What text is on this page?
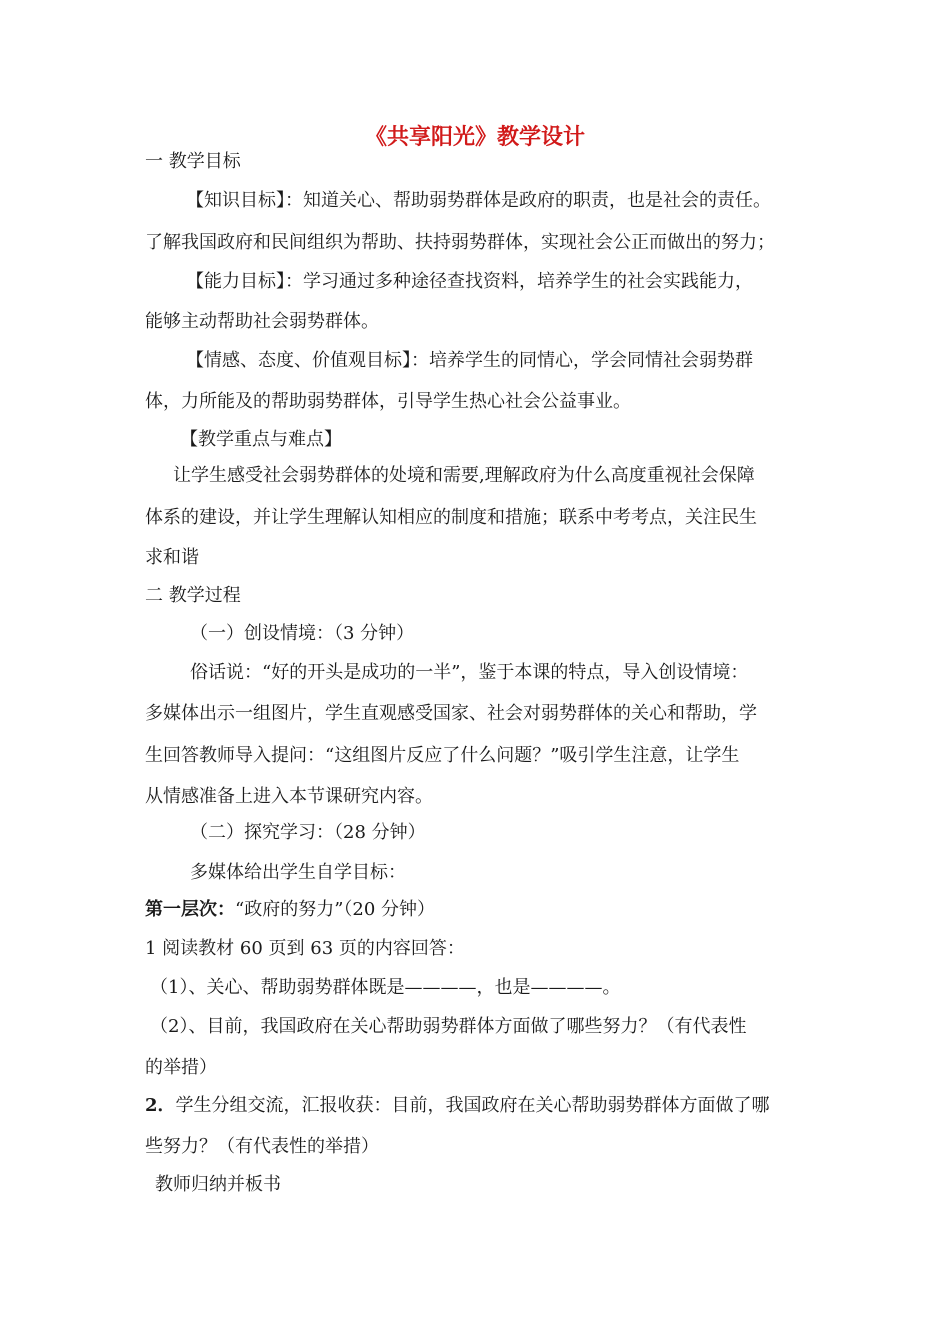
《共享阳光》教学设计
一 教学目标
【知识目标】：知道关心、帮助弱势群体是政府的职责，也是社会的责任。
了解我国政府和民间组织为帮助、扶持弱势群体，实现社会公正而做出的努力；
【能力目标】：学习通过多种途径查找资料，培养学生的社会实践能力，
能够主动帮助社会弱势群体。
【情感、态度、价值观目标】：培养学生的同情心，学会同情社会弱势群
体，力所能及的帮助弱势群体，引导学生热心社会公益事业。
【教学重点与难点】
让学生感受社会弱势群体的处境和需要,理解政府为什么高度重视社会保障
体系的建设，并让学生理解认知相应的制度和措施；联系中考考点，关注民生
求和谐
二 教学过程
（一）创设情境：（3 分钟）
俗话说：“好的开头是成功的一半”，鉴于本课的特点，导入创设情境：
多媒体出示一组图片，学生直观感受国家、社会对弱势群体的关心和帮助，学
生回答教师导入提问：“这组图片反应了什么问题？”吸引学生注意，让学生
从情感准备上进入本节课研究内容。
（二）探究学习：（28 分钟）
多媒体给出学生自学目标：
第一层次：“政府的努力”（20 分钟）
1 阅读教材 60 页到 63 页的内容回答：
（1）、关心、帮助弱势群体既是————，也是————。
（2）、目前，我国政府在关心帮助弱势群体方面做了哪些努力？（有代表性
的举措）
2．学生分组交流，汇报收获：目前，我国政府在关心帮助弱势群体方面做了哪
些努力？（有代表性的举措）
教师归纳并板书
